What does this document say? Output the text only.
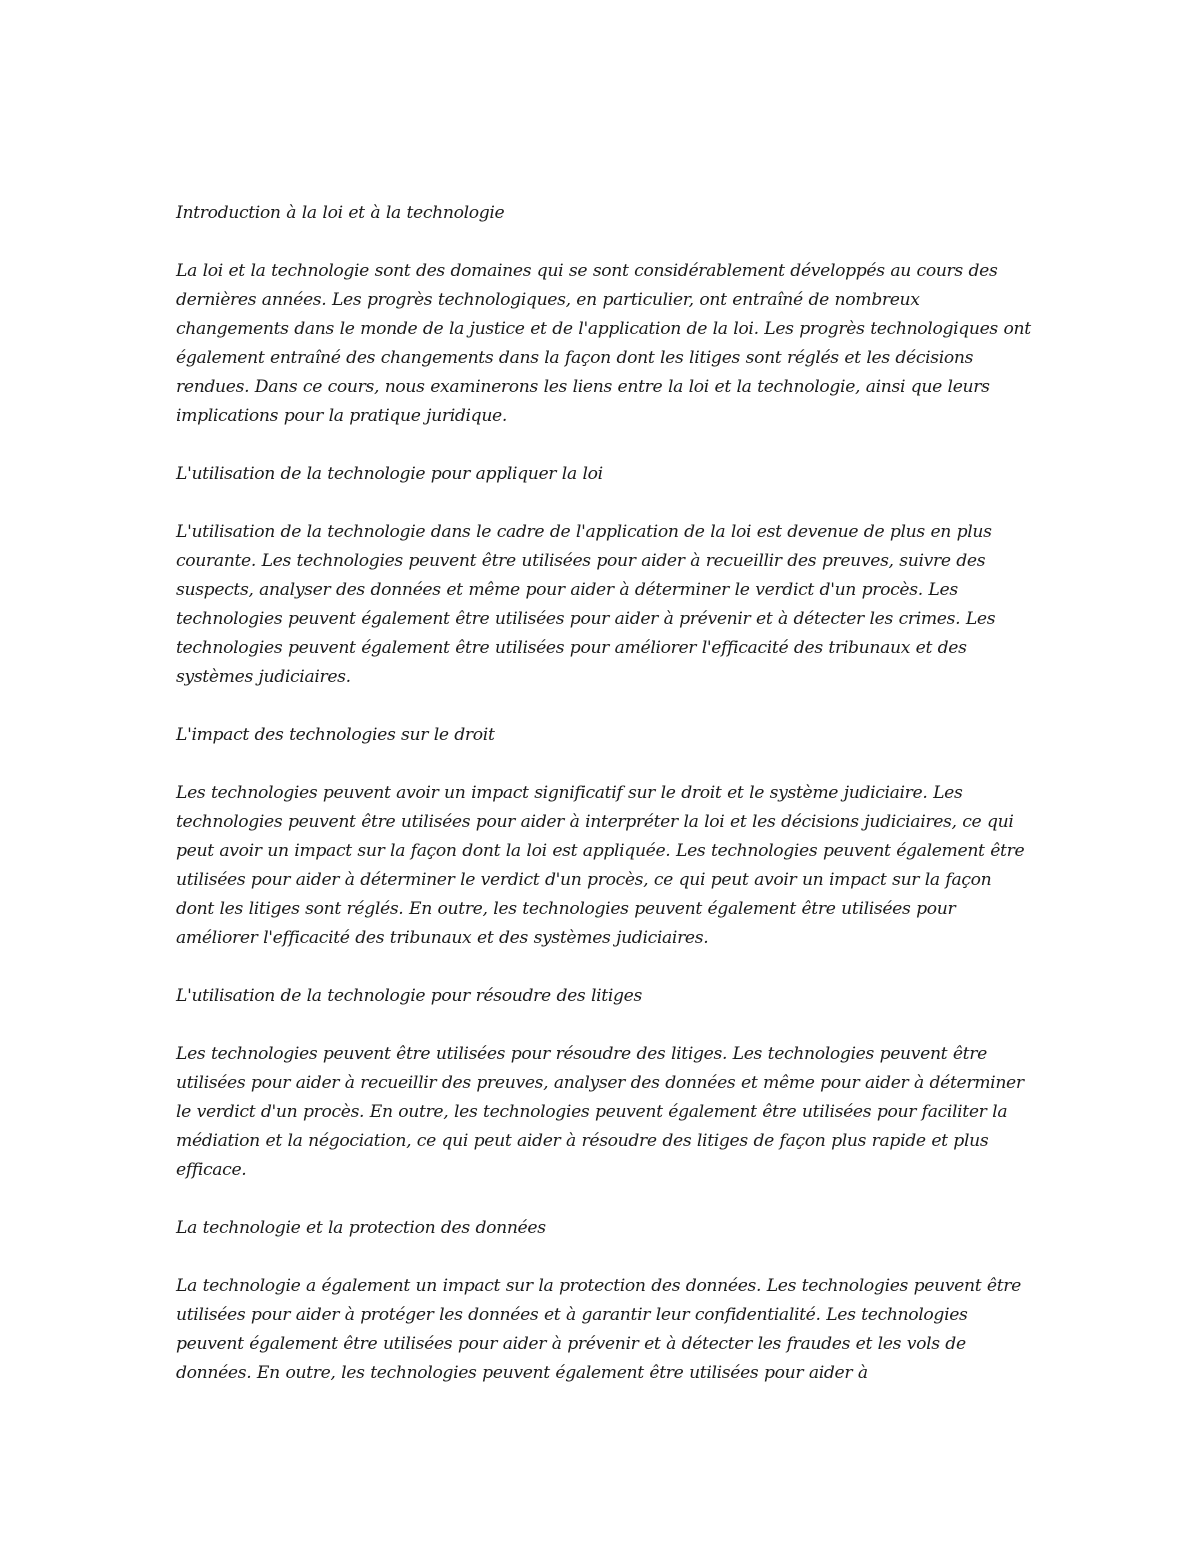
Introduction à la loi et à la technologie

La loi et la technologie sont des domaines qui se sont considérablement développés au cours des dernières années. Les progrès technologiques, en particulier, ont entraîné de nombreux changements dans le monde de la justice et de l'application de la loi. Les progrès technologiques ont également entraîné des changements dans la façon dont les litiges sont réglés et les décisions rendues. Dans ce cours, nous examinerons les liens entre la loi et la technologie, ainsi que leurs implications pour la pratique juridique.

L'utilisation de la technologie pour appliquer la loi

L'utilisation de la technologie dans le cadre de l'application de la loi est devenue de plus en plus courante. Les technologies peuvent être utilisées pour aider à recueillir des preuves, suivre des suspects, analyser des données et même pour aider à déterminer le verdict d'un procès. Les technologies peuvent également être utilisées pour aider à prévenir et à détecter les crimes. Les technologies peuvent également être utilisées pour améliorer l'efficacité des tribunaux et des systèmes judiciaires.

L'impact des technologies sur le droit

Les technologies peuvent avoir un impact significatif sur le droit et le système judiciaire. Les technologies peuvent être utilisées pour aider à interpréter la loi et les décisions judiciaires, ce qui peut avoir un impact sur la façon dont la loi est appliquée. Les technologies peuvent également être utilisées pour aider à déterminer le verdict d'un procès, ce qui peut avoir un impact sur la façon dont les litiges sont réglés. En outre, les technologies peuvent également être utilisées pour améliorer l'efficacité des tribunaux et des systèmes judiciaires.

L'utilisation de la technologie pour résoudre des litiges

Les technologies peuvent être utilisées pour résoudre des litiges. Les technologies peuvent être utilisées pour aider à recueillir des preuves, analyser des données et même pour aider à déterminer le verdict d'un procès. En outre, les technologies peuvent également être utilisées pour faciliter la médiation et la négociation, ce qui peut aider à résoudre des litiges de façon plus rapide et plus efficace.

La technologie et la protection des données

La technologie a également un impact sur la protection des données. Les technologies peuvent être utilisées pour aider à protéger les données et à garantir leur confidentialité. Les technologies peuvent également être utilisées pour aider à prévenir et à détecter les fraudes et les vols de données. En outre, les technologies peuvent également être utilisées pour aider à
